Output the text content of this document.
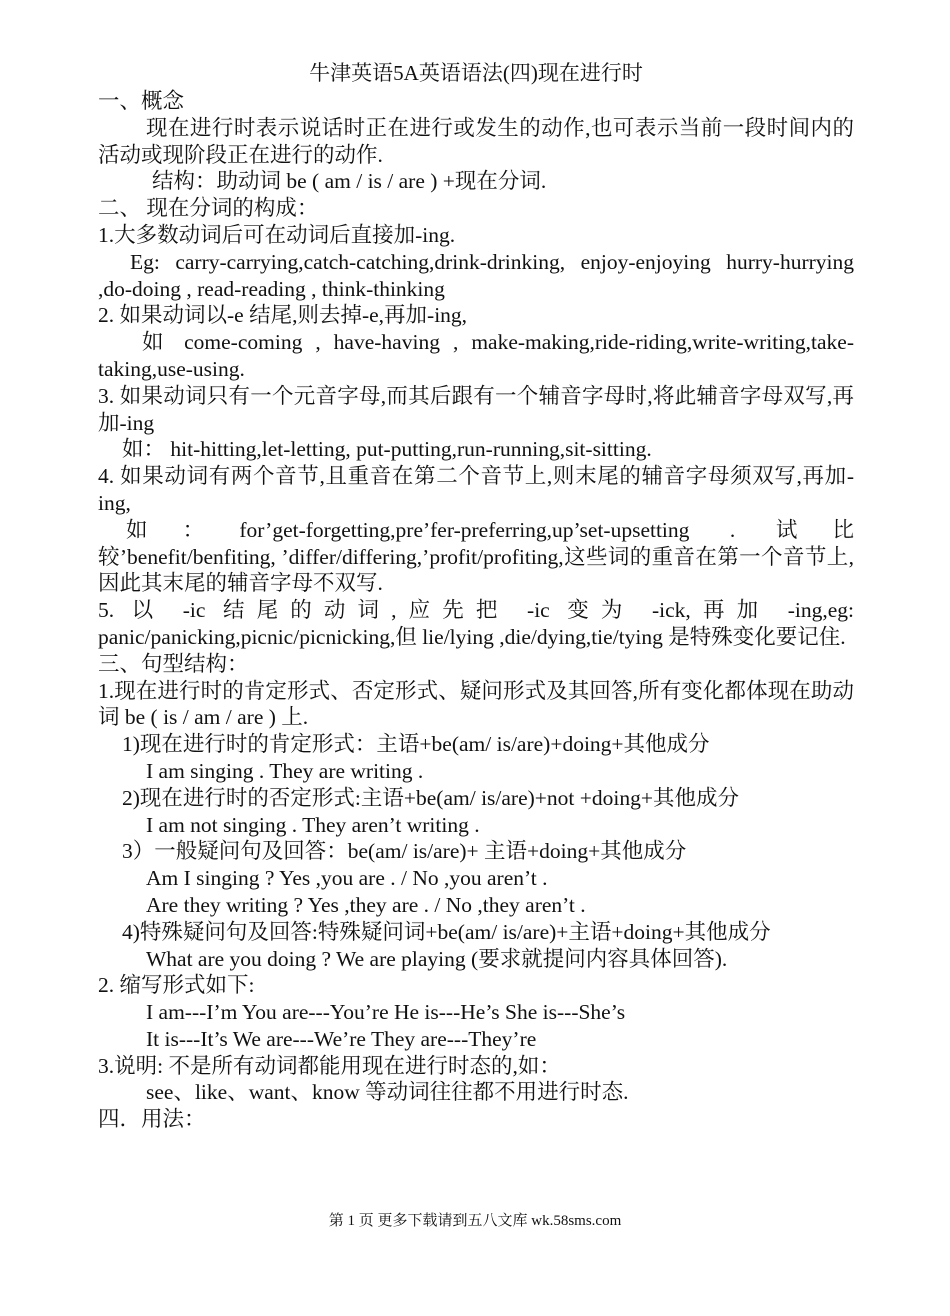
牛津英语5A英语语法(四)现在进行时

一、概念

现在进行时表示说话时正在进行或发生的动作,也可表示当前一段时间内的活动或现阶段正在进行的动作.

结构：助动词 be ( am / is / are ) +现在分词.

二、 现在分词的构成：

1.大多数动词后可在动词后直接加-ing.

Eg: carry-carrying,catch-catching,drink-drinking, enjoy-enjoying hurry-hurrying ,do-doing , read-reading , think-thinking

2. 如果动词以-e 结尾,则去掉-e,再加-ing,

如 come-coming , have-having , make-making,ride-riding,write-writing,take-taking,use-using.

3. 如果动词只有一个元音字母,而其后跟有一个辅音字母时,将此辅音字母双写,再加-ing

如： hit-hitting,let-letting, put-putting,run-running,sit-sitting.

4. 如果动词有两个音节,且重音在第二个音节上,则末尾的辅音字母须双写,再加-ing,

如：for’get-forgetting,pre’fer-preferring,up’set-upsetting . 试比较’benefit/benfiting, ’differ/differing,’profit/profiting,这些词的重音在第一个音节上,因此其末尾的辅音字母不双写.

5. 以 -ic 结尾的动词,应先把 -ic 变为 -ick,再加 -ing,eg: panic/panicking,picnic/picnicking,但 lie/lying ,die/dying,tie/tying 是特殊变化要记住.

三、句型结构：

1.现在进行时的肯定形式、否定形式、疑问形式及其回答,所有变化都体现在助动词 be ( is / am / are ) 上.

1)现在进行时的肯定形式：主语+be(am/ is/are)+doing+其他成分

I am singing . They are writing .

2)现在进行时的否定形式:主语+be(am/ is/are)+not +doing+其他成分

I am not singing . They aren’t writing .

3）一般疑问句及回答：be(am/ is/are)+ 主语+doing+其他成分

Am I singing ? Yes ,you are . / No ,you aren’t .

Are they writing ? Yes ,they are . / No ,they aren’t .

4)特殊疑问句及回答:特殊疑问词+be(am/ is/are)+主语+doing+其他成分

What are you doing ? We are playing (要求就提问内容具体回答).

2. 缩写形式如下:

I am---I’m You are---You’re He is---He’s She is---She’s

It is---It’s We are---We’re They are---They’re

3.说明: 不是所有动词都能用现在进行时态的,如：

see、like、want、know 等动词往往都不用进行时态.

四．用法：

第 1 页 更多下载请到五八文库 wk.58sms.com
